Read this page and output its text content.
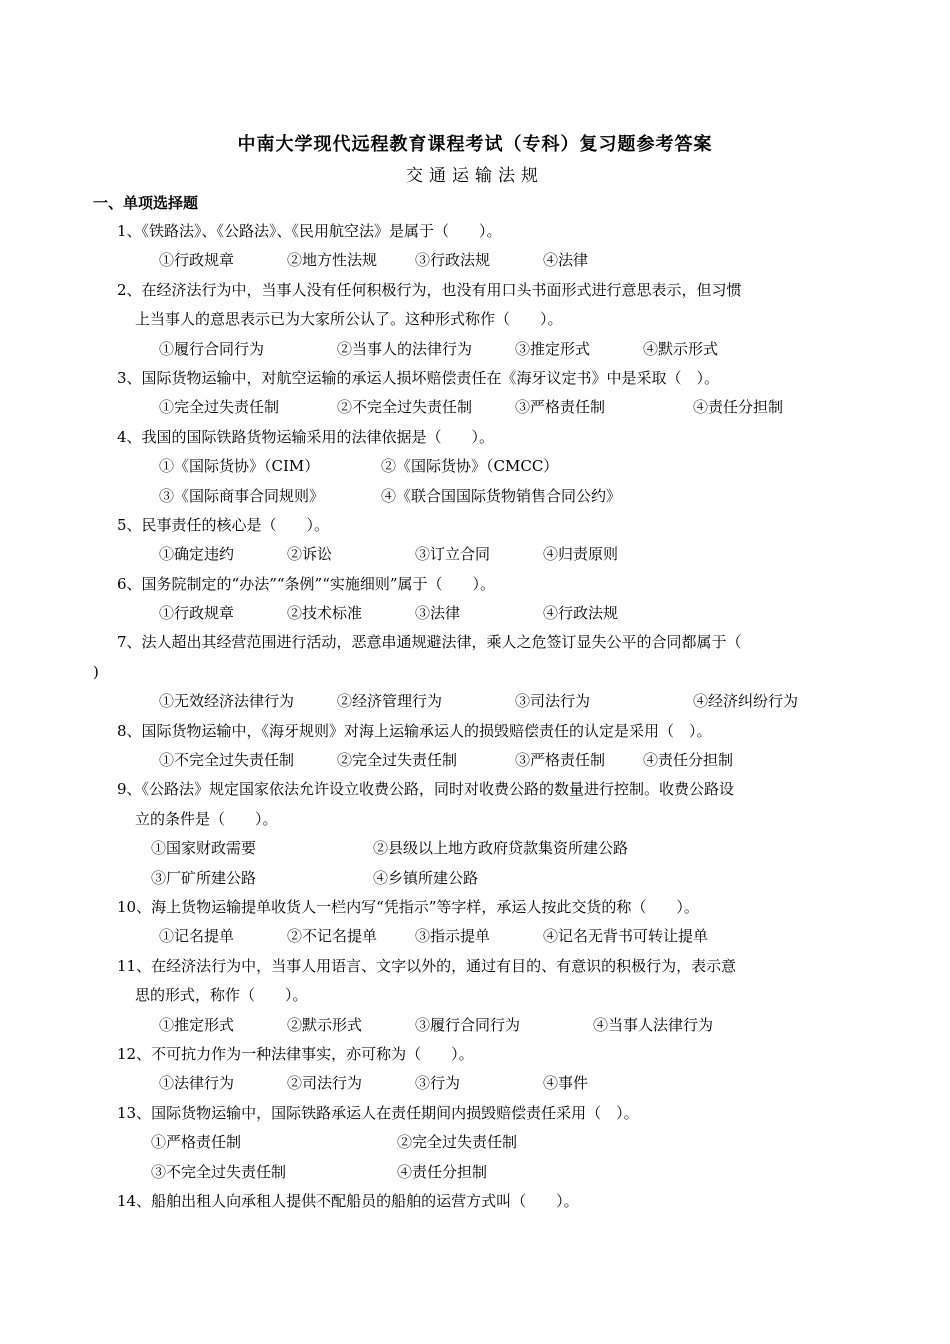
中南大学现代远程教育课程考试（专科）复习题参考答案
交通运输法规
一、单项选择题
1、《铁路法》、《公路法》、《民用航空法》是属于（　　）。
①行政规章	②地方性法规	③行政法规	④法律
2、在经济法行为中，当事人没有任何积极行为，也没有用口头书面形式进行意思表示，但习惯
上当事人的意思表示已为大家所公认了。这种形式称作（　　）。
①履行合同行为	②当事人的法律行为	③推定形式	④默示形式
3、国际货物运输中，对航空运输的承运人损坏赔偿责任在《海牙议定书》中是采取（　）。
①完全过失责任制	②不完全过失责任制	③严格责任制	④责任分担制
4、我国的国际铁路货物运输采用的法律依据是（　　）。
①《国际货协》（CIM）	②《国际货协》（CMCC）
③《国际商事合同规则》	④《联合国国际货物销售合同公约》
5、民事责任的核心是（　　）。
①确定违约	②诉讼	③订立合同	④归责原则
6、国务院制定的“办法”“条例”“实施细则”属于（　　）。
①行政规章	②技术标准	③法律	④行政法规
7、法人超出其经营范围进行活动，恶意串通规避法律，乘人之危签订显失公平的合同都属于（
)
①无效经济法律行为	②经济管理行为	③司法行为	④经济纠纷行为
8、国际货物运输中，《海牙规则》对海上运输承运人的损毁赔偿责任的认定是采用（　）。
①不完全过失责任制	②完全过失责任制	③严格责任制	④责任分担制
9、《公路法》规定国家依法允许设立收费公路，同时对收费公路的数量进行控制。收费公路设
立的条件是（　　）。
①国家财政需要	②县级以上地方政府贷款集资所建公路
③厂矿所建公路	④乡镇所建公路
10、海上货物运输提单收货人一栏内写“凭指示”等字样，承运人按此交货的称（　　）。
①记名提单	②不记名提单	③指示提单	④记名无背书可转让提单
11、在经济法行为中，当事人用语言、文字以外的，通过有目的、有意识的积极行为，表示意
思的形式，称作（　　）。
①推定形式	②默示形式	③履行合同行为	④当事人法律行为
12、不可抗力作为一种法律事实，亦可称为（　　）。
①法律行为	②司法行为	③行为	④事件
13、国际货物运输中，国际铁路承运人在责任期间内损毁赔偿责任采用（　）。
①严格责任制	②完全过失责任制
③不完全过失责任制	④责任分担制
14、船舶出租人向承租人提供不配船员的船舶的运营方式叫（　　）。
